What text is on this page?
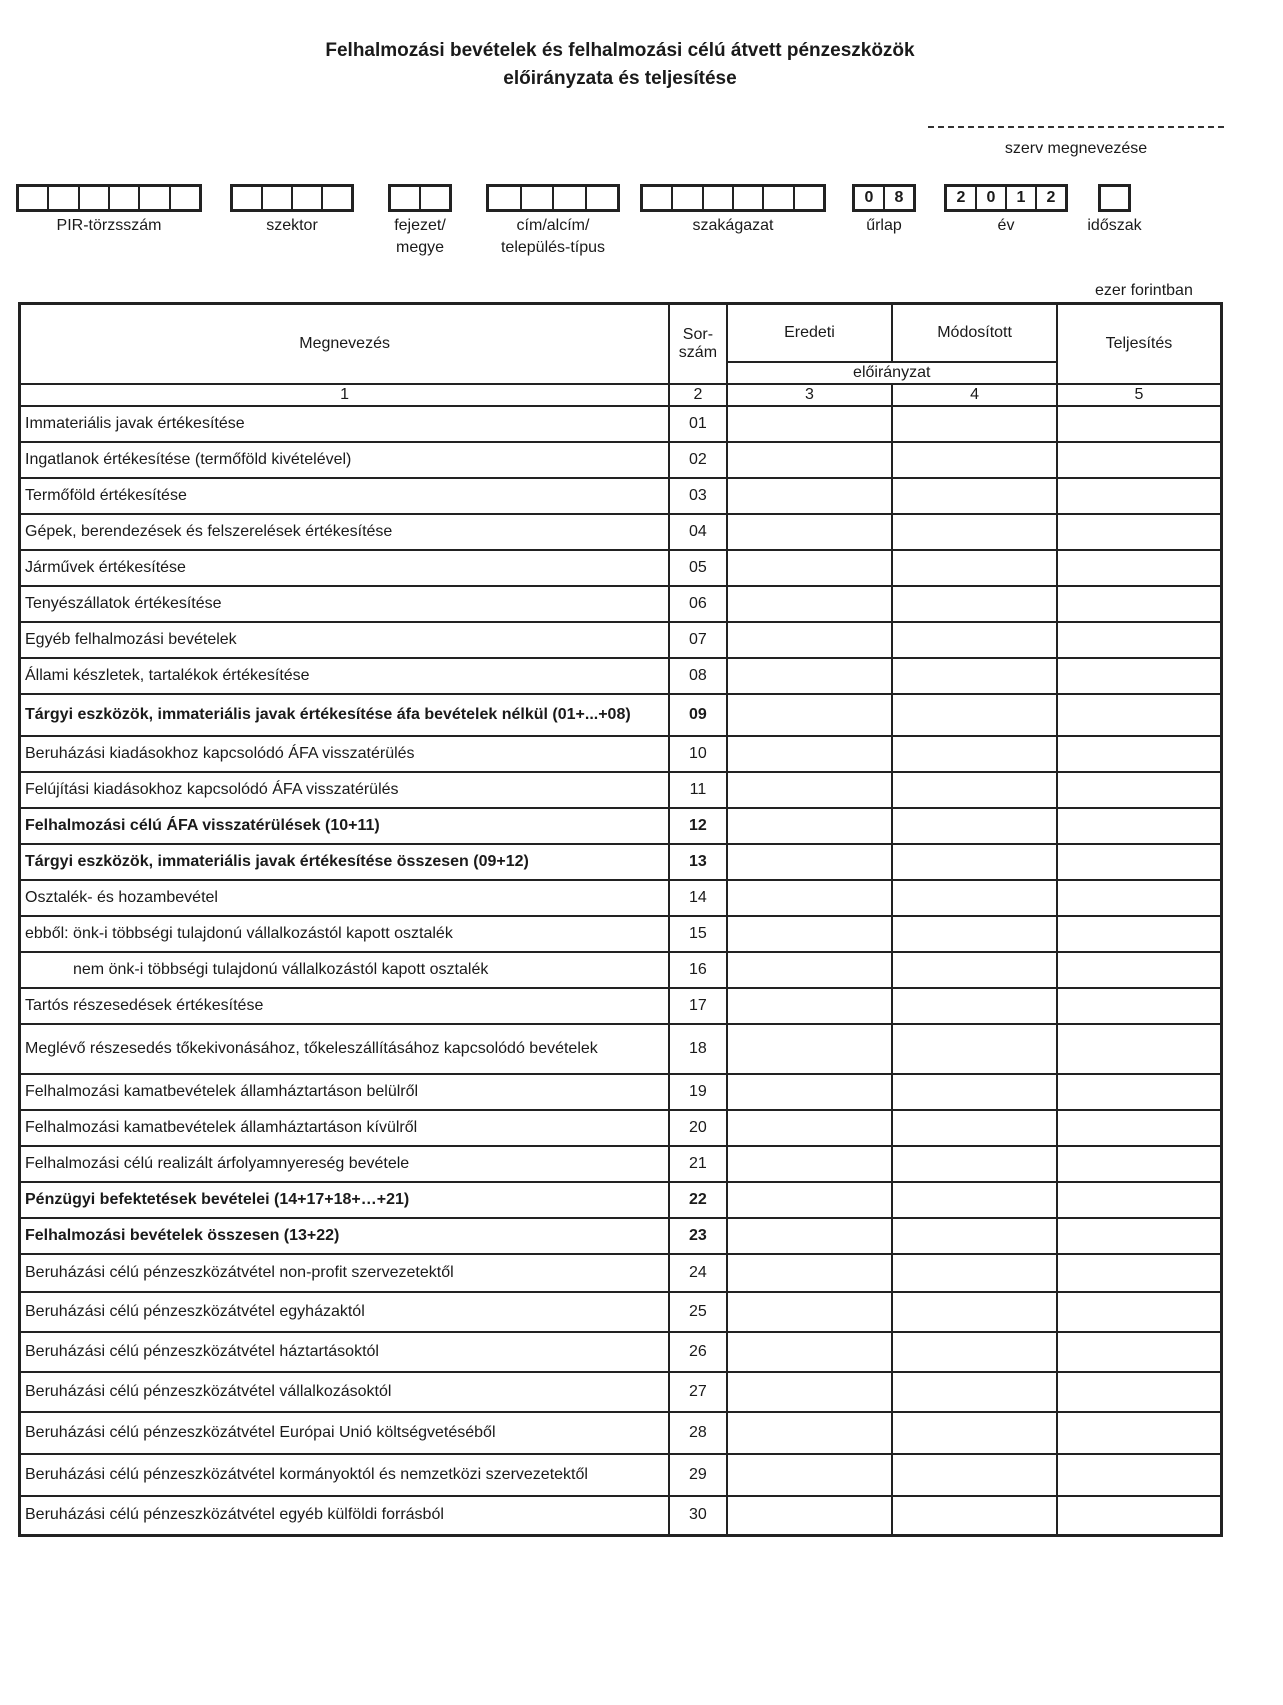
Felhalmozási bevételek és felhalmozási célú átvett pénzeszközök
előirányzata és teljesítése
szerv megnevezése
PIR-törzsszám	szektor	fejezet/
megye
cím/alcím/
település-típus
szakágazat
0	8
űrlap
2	0	1	2
év	időszak
ezer forintban
Megnevezés	Sor-
szám	Eredeti	Módosított	Teljesítés
		előirányzat		
1	2	3	4	5
Immateriális javak értékesítése	01			
Ingatlanok értékesítése (termőföld kivételével)	02			
Termőföld értékesítése	03			
Gépek, berendezések és felszerelések értékesítése	04			
Járművek értékesítése	05			
Tenyészállatok értékesítése	06			
Egyéb felhalmozási bevételek	07			
Állami készletek, tartalékok értékesítése	08			
Tárgyi eszközök, immateriális javak értékesítése áfa bevételek nélkül (01+...+08)	09			
Beruházási kiadásokhoz kapcsolódó ÁFA visszatérülés	10			
Felújítási kiadásokhoz kapcsolódó ÁFA visszatérülés	11			
Felhalmozási célú ÁFA visszatérülések (10+11)	12			
Tárgyi eszközök, immateriális javak értékesítése összesen (09+12)	13			
Osztalék- és hozambevétel	14			
ebből: önk-i többségi tulajdonú vállalkozástól kapott osztalék	15			
nem önk-i többségi tulajdonú vállalkozástól kapott osztalék	16			
Tartós részesedések értékesítése	17			
Meglévő részesedés tőkekivonásához, tőkeleszállításához kapcsolódó bevételek	18			
Felhalmozási kamatbevételek államháztartáson belülről	19			
Felhalmozási kamatbevételek államháztartáson kívülről	20			
Felhalmozási célú realizált árfolyamnyereség bevétele	21			
Pénzügyi befektetések bevételei (14+17+18+…+21)	22			
Felhalmozási bevételek összesen (13+22)	23			
Beruházási célú pénzeszközátvétel non-profit szervezetektől	24			
Beruházási célú pénzeszközátvétel egyházaktól	25			
Beruházási célú pénzeszközátvétel háztartásoktól	26			
Beruházási célú pénzeszközátvétel vállalkozásoktól	27			
Beruházási célú pénzeszközátvétel Európai Unió költségvetéséből	28			
Beruházási célú pénzeszközátvétel kormányoktól és nemzetközi szervezetektől	29			
Beruházási célú pénzeszközátvétel egyéb külföldi forrásból	30			
